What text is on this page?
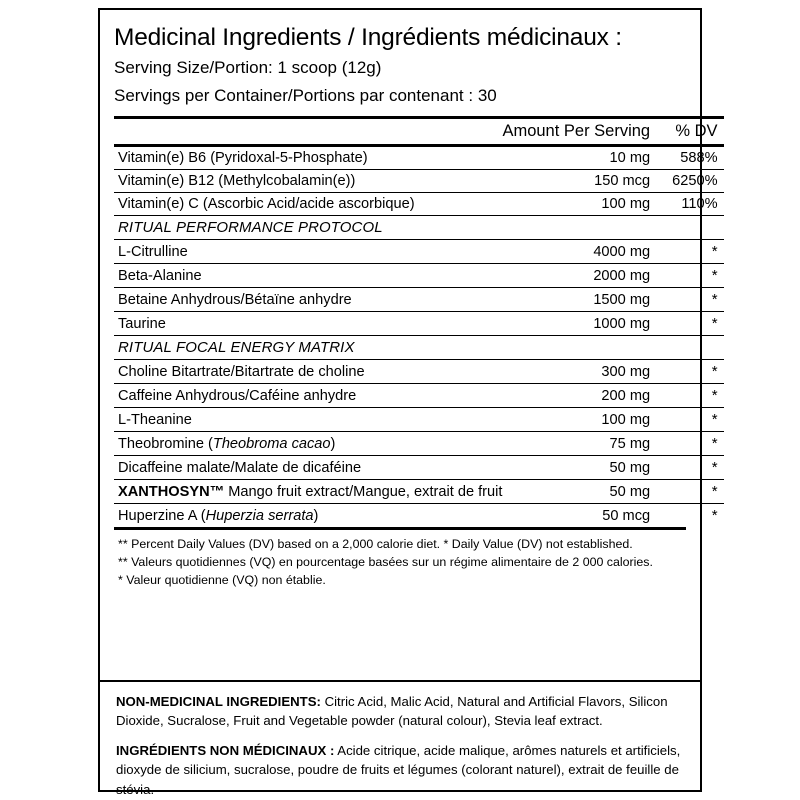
Medicinal Ingredients / Ingrédients médicinaux :
Serving Size/Portion: 1 scoop (12g)
Servings per Container/Portions par contenant : 30
	Amount Per Serving	% DV
Vitamin(e) B6 (Pyridoxal-5-Phosphate)	10 mg	588%
Vitamin(e) B12 (Methylcobalamin(e))	150 mcg	6250%
Vitamin(e) C (Ascorbic Acid/acide ascorbique)	100 mg	110%
RITUAL PERFORMANCE PROTOCOL		
L-Citrulline	4000 mg	*
Beta-Alanine	2000 mg	*
Betaine Anhydrous/Bétaïne anhydre	1500 mg	*
Taurine	1000 mg	*
RITUAL FOCAL ENERGY MATRIX		
Choline Bitartrate/Bitartrate de choline	300 mg	*
Caffeine Anhydrous/Caféine anhydre	200 mg	*
L-Theanine	100 mg	*
Theobromine (Theobroma cacao)	75 mg	*
Dicaffeine malate/Malate de dicaféine	50 mg	*
XANTHOSYN™ Mango fruit extract/Mangue, extrait de fruit	50 mg	*
Huperzine A (Huperzia serrata)	50 mcg	*
** Percent Daily Values (DV) based on a 2,000 calorie diet. * Daily Value (DV) not established.
** Valeurs quotidiennes (VQ) en pourcentage basées sur un régime alimentaire de 2 000 calories.
* Valeur quotidienne (VQ) non établie.

NON-MEDICINAL INGREDIENTS: Citric Acid, Malic Acid, Natural and Artificial Flavors, Silicon Dioxide, Sucralose, Fruit and Vegetable powder (natural colour), Stevia leaf extract.

INGRÉDIENTS NON MÉDICINAUX : Acide citrique, acide malique, arômes naturels et artificiels, dioxyde de silicium, sucralose, poudre de fruits et légumes (colorant naturel), extrait de feuille de stévia.
